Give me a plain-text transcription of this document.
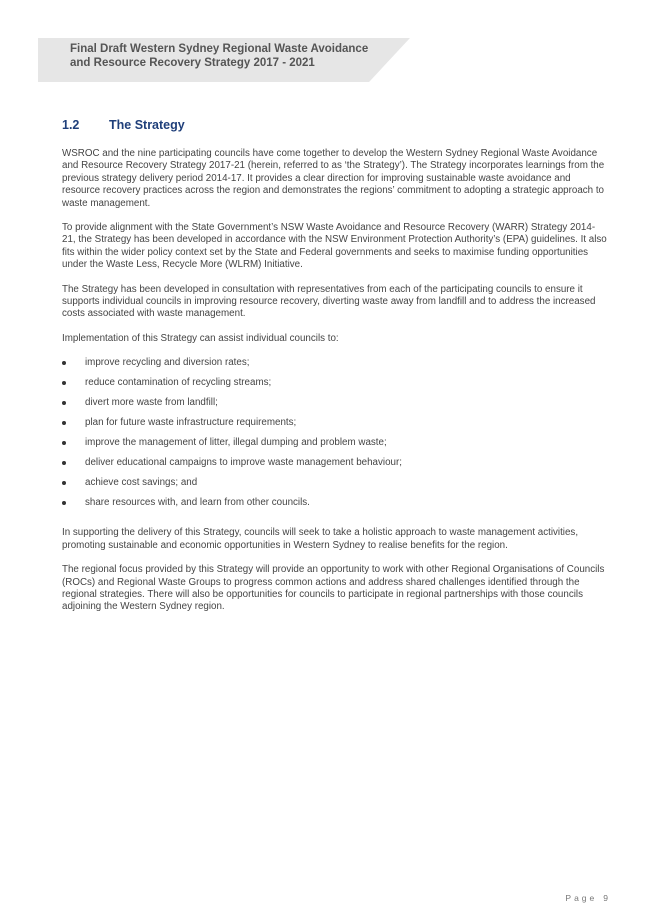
Final Draft Western Sydney Regional Waste Avoidance
and Resource Recovery Strategy 2017 - 2021
1.2 The Strategy

WSROC and the nine participating councils have come together to develop the Western Sydney Regional Waste Avoidance and Resource Recovery Strategy 2017-21 (herein, referred to as ‘the Strategy’). The Strategy incorporates learnings from the previous strategy delivery period 2014-17. It provides a clear direction for improving sustainable waste avoidance and resource recovery practices across the region and demonstrates the regions’ commitment to adopting a strategic approach to waste management.

To provide alignment with the State Government’s NSW Waste Avoidance and Resource Recovery (WARR) Strategy 2014-21, the Strategy has been developed in accordance with the NSW Environment Protection Authority’s (EPA) guidelines. It also fits within the wider policy context set by the State and Federal governments and seeks to maximise funding opportunities under the Waste Less, Recycle More (WLRM) Initiative.

The Strategy has been developed in consultation with representatives from each of the participating councils to ensure it supports individual councils in improving resource recovery, diverting waste away from landfill and to address the increased costs associated with waste management.

Implementation of this Strategy can assist individual councils to:

improve recycling and diversion rates;
reduce contamination of recycling streams;
divert more waste from landfill;
plan for future waste infrastructure requirements;
improve the management of litter, illegal dumping and problem waste;
deliver educational campaigns to improve waste management behaviour;
achieve cost savings; and
share resources with, and learn from other councils.

In supporting the delivery of this Strategy, councils will seek to take a holistic approach to waste management activities, promoting sustainable and economic opportunities in Western Sydney to realise benefits for the region.

The regional focus provided by this Strategy will provide an opportunity to work with other Regional Organisations of Councils (ROCs) and Regional Waste Groups to progress common actions and address shared challenges identified through the regional strategies. There will also be opportunities for councils to participate in regional partnerships with those councils adjoining the Western Sydney region.

Page 9
